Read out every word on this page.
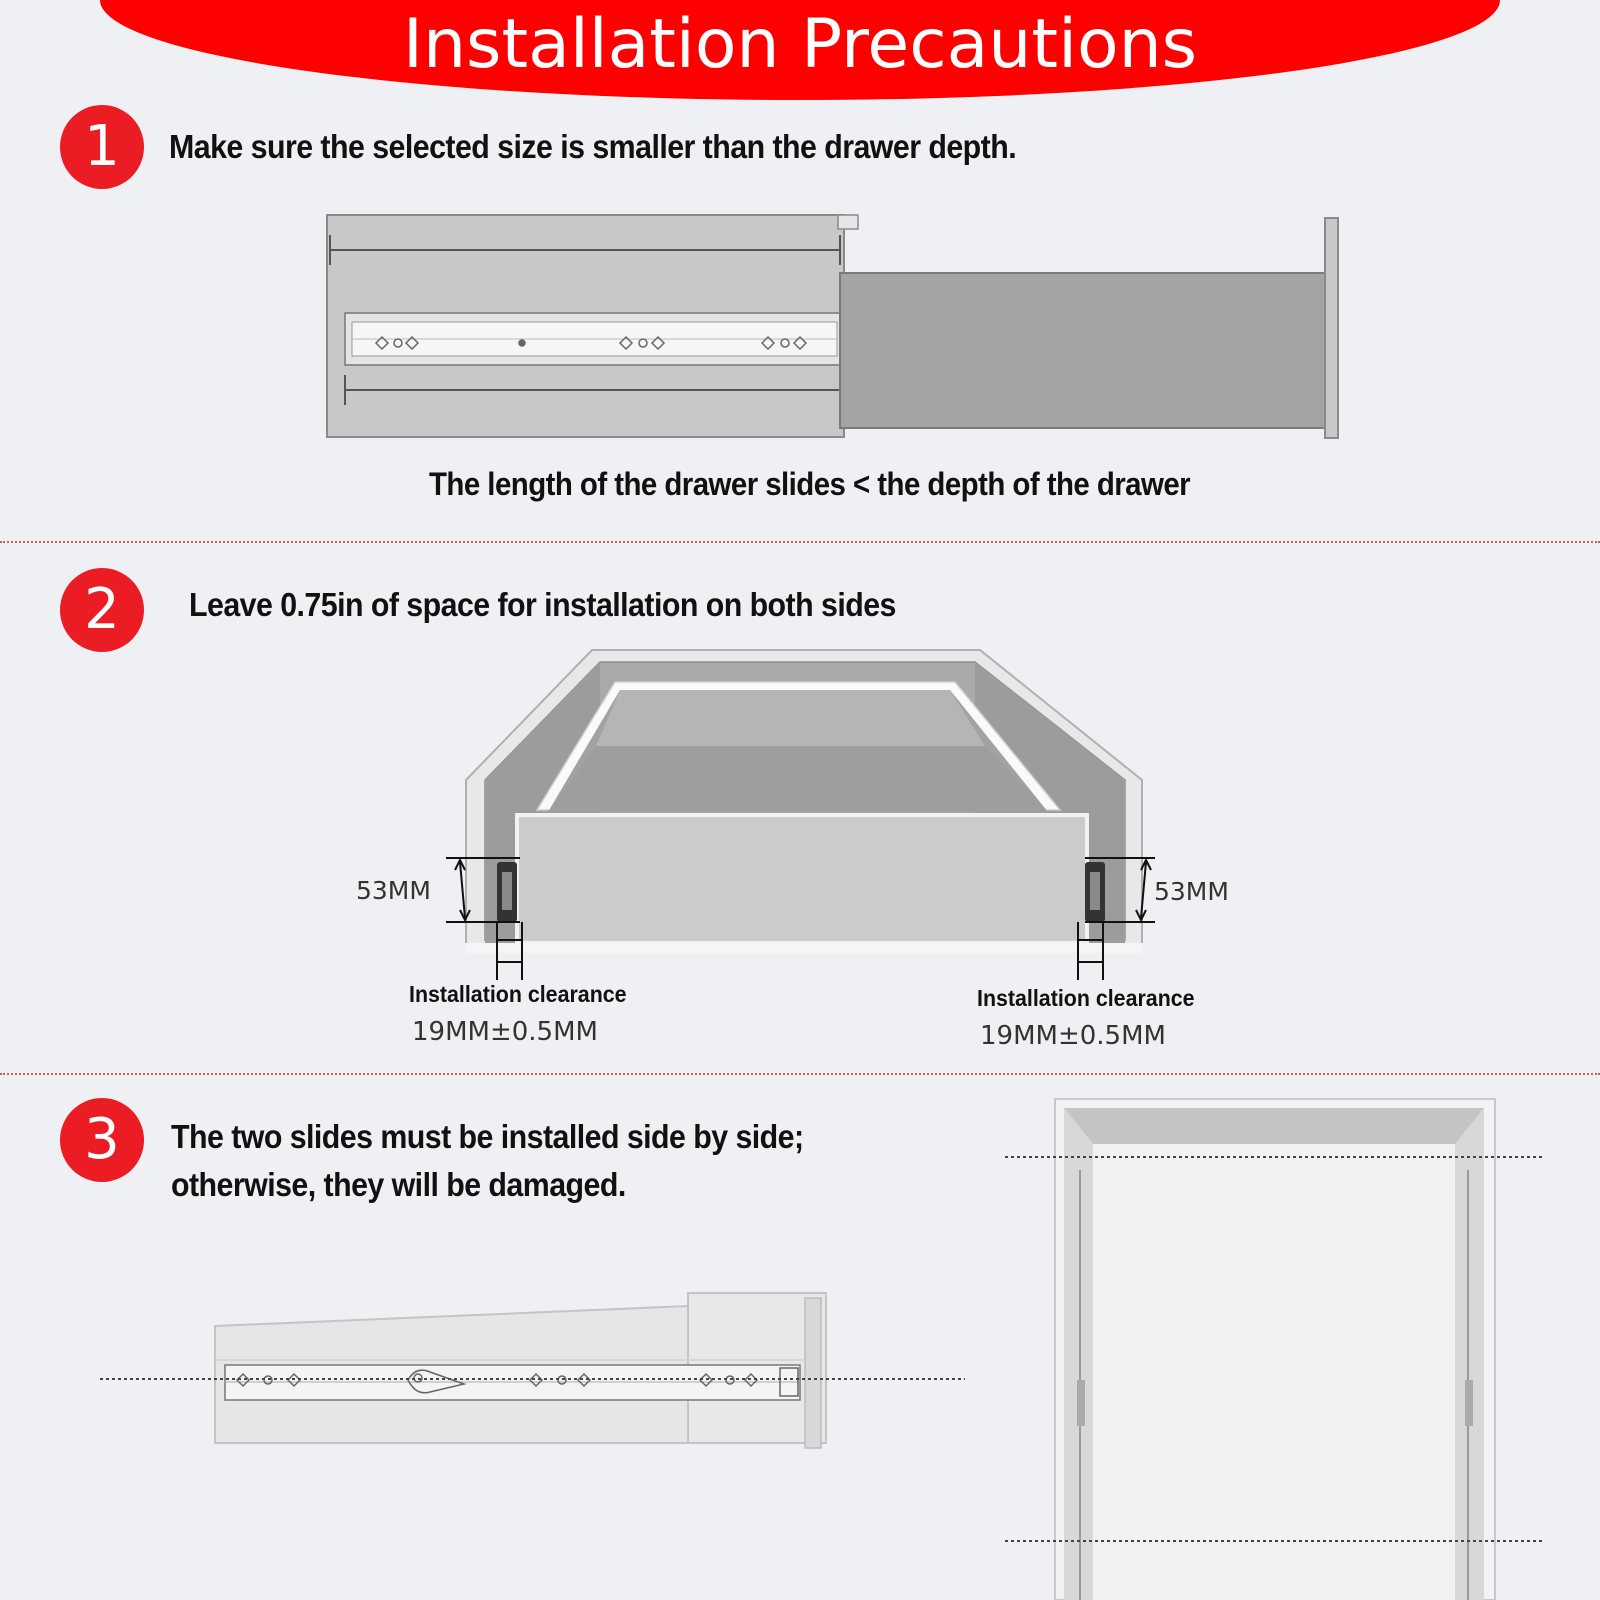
Installation Precautions
1	Make sure the selected size is smaller than the drawer depth.
The length of the drawer slides < the depth of the drawer
2	Leave 0.75in of space for installation on both sides
53MM	53MM
Installation clearance
19MM±0.5MM
Installation clearance
19MM±0.5MM
3	The two slides must be installed side by side;
otherwise, they will be damaged.
